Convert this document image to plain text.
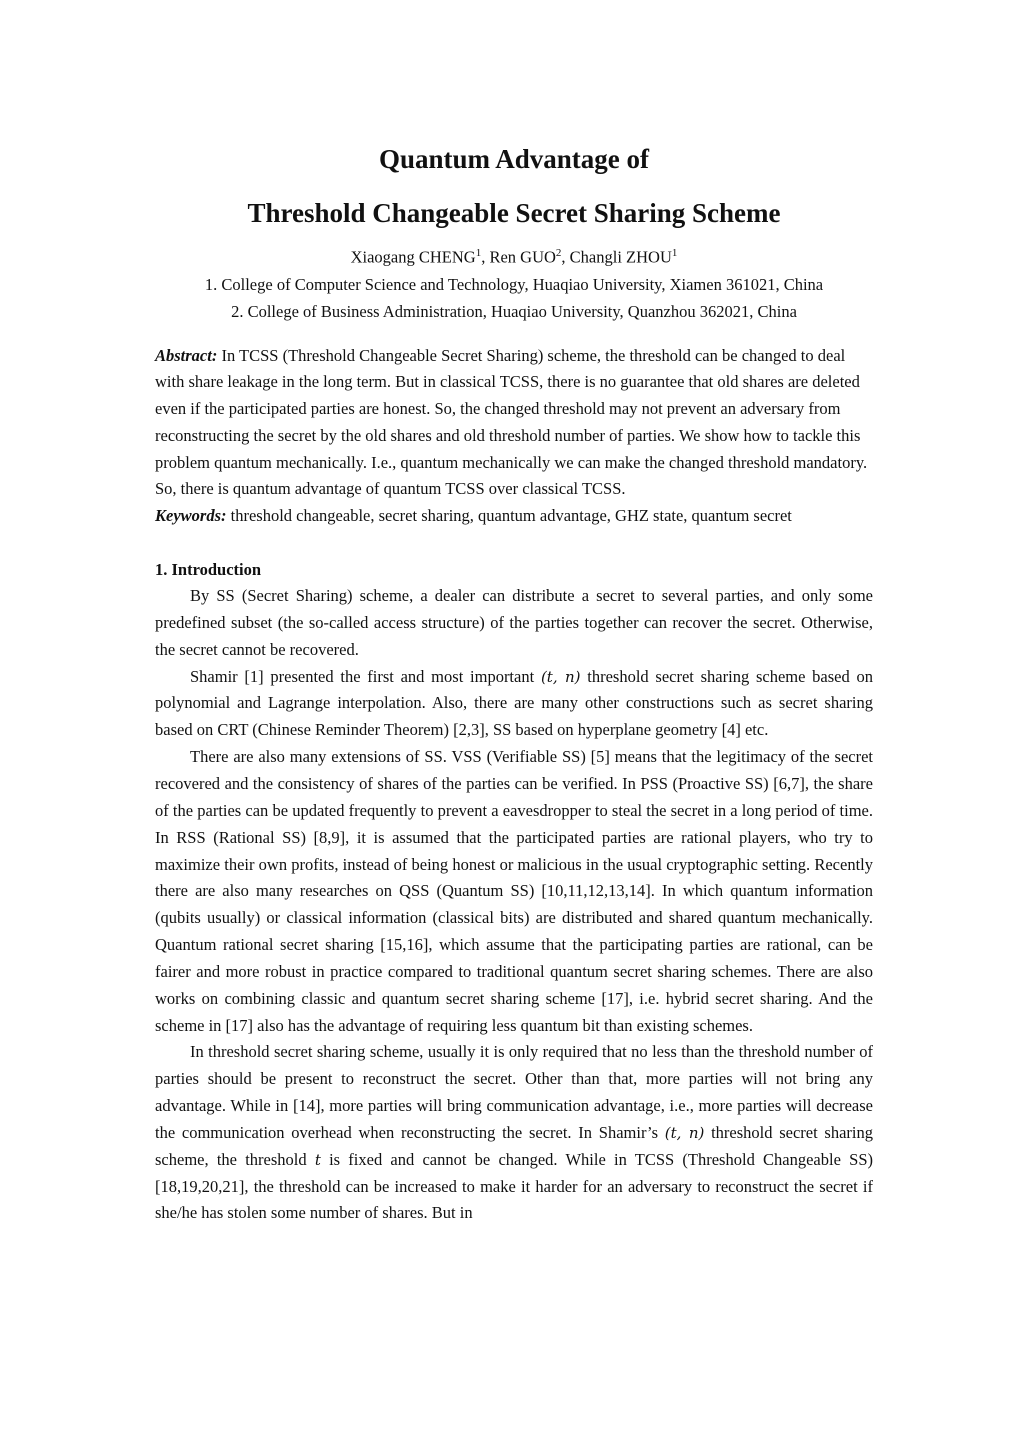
Quantum Advantage of
Threshold Changeable Secret Sharing Scheme

Xiaogang CHENG$^1$, Ren GUO$^2$, Changli ZHOU$^1$

1. College of Computer Science and Technology, Huaqiao University, Xiamen 361021, China

2. College of Business Administration, Huaqiao University, Quanzhou 362021, China

Abstract: In TCSS (Threshold Changeable Secret Sharing) scheme, the threshold can be changed to deal with share leakage in the long term. But in classical TCSS, there is no guarantee that old shares are deleted even if the participated parties are honest. So, the changed threshold may not prevent an adversary from reconstructing the secret by the old shares and old threshold number of parties. We show how to tackle this problem quantum mechanically. I.e., quantum mechanically we can make the changed threshold mandatory. So, there is quantum advantage of quantum TCSS over classical TCSS.

Keywords: threshold changeable, secret sharing, quantum advantage, GHZ state, quantum secret

1. Introduction

By SS (Secret Sharing) scheme, a dealer can distribute a secret to several parties, and only some predefined subset (the so-called access structure) of the parties together can recover the secret. Otherwise, the secret cannot be recovered.

Shamir [1] presented the first and most important (t, n) threshold secret sharing scheme based on polynomial and Lagrange interpolation. Also, there are many other constructions such as secret sharing based on CRT (Chinese Reminder Theorem) [2,3], SS based on hyperplane geometry [4] etc.

There are also many extensions of SS. VSS (Verifiable SS) [5] means that the legitimacy of the secret recovered and the consistency of shares of the parties can be verified. In PSS (Proactive SS) [6,7], the share of the parties can be updated frequently to prevent a eavesdropper to steal the secret in a long period of time. In RSS (Rational SS) [8,9], it is assumed that the participated parties are rational players, who try to maximize their own profits, instead of being honest or malicious in the usual cryptographic setting. Recently there are also many researches on QSS (Quantum SS) [10,11,12,13,14]. In which quantum information (qubits usually) or classical information (classical bits) are distributed and shared quantum mechanically. Quantum rational secret sharing [15,16], which assume that the participating parties are rational, can be fairer and more robust in practice compared to traditional quantum secret sharing schemes. There are also works on combining classic and quantum secret sharing scheme [17], i.e. hybrid secret sharing. And the scheme in [17] also has the advantage of requiring less quantum bit than existing schemes.

In threshold secret sharing scheme, usually it is only required that no less than the threshold number of parties should be present to reconstruct the secret. Other than that, more parties will not bring any advantage. While in [14], more parties will bring communication advantage, i.e., more parties will decrease the communication overhead when reconstructing the secret. In Shamir’s (t, n) threshold secret sharing scheme, the threshold t is fixed and cannot be changed. While in TCSS (Threshold Changeable SS) [18,19,20,21], the threshold can be increased to make it harder for an adversary to reconstruct the secret if she/he has stolen some number of shares. But in
